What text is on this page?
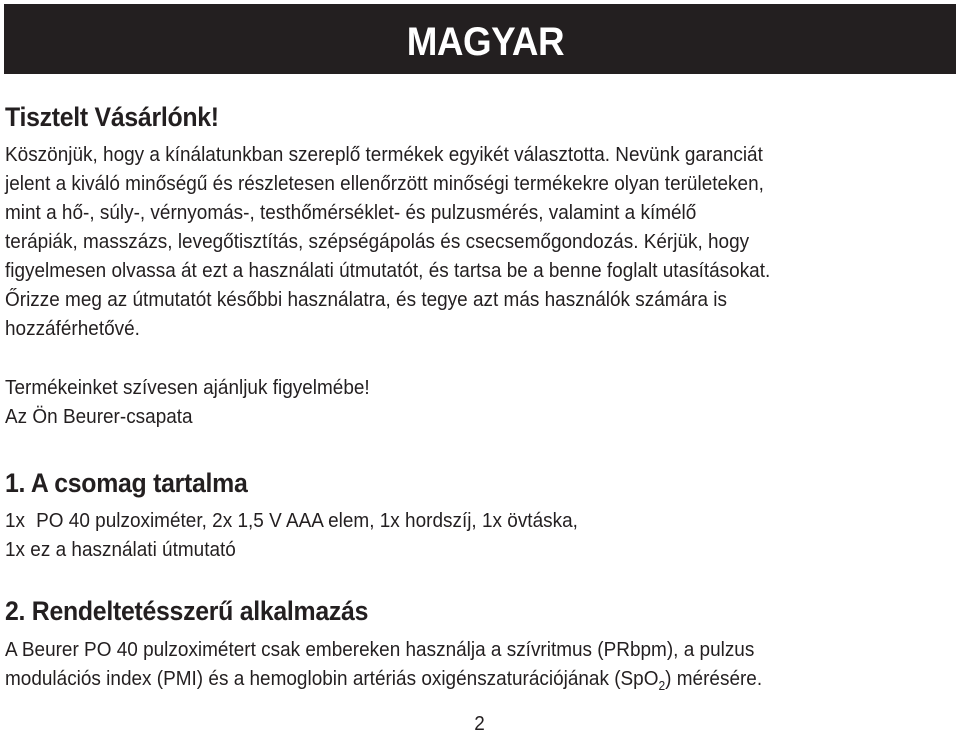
MAGYAR
Tisztelt Vásárlónk!
Köszönjük, hogy a kínálatunkban szereplő termékek egyikét választotta. Nevünk garanciát
jelent a kiváló minőségű és részletesen ellenőrzött minőségi termékekre olyan területeken,
mint a hő-, súly-, vérnyomás-, testhőmérséklet- és pulzusmérés, valamint a kímélő
terápiák, masszázs, levegőtisztítás, szépségápolás és csecsemőgondozás. Kérjük, hogy
figyelmesen olvassa át ezt a használati útmutatót, és tartsa be a benne foglalt utasításokat.
Őrizze meg az útmutatót későbbi használatra, és tegye azt más használók számára is
hozzáférhetővé.
Termékeinket szívesen ajánljuk figyelmébe!
Az Ön Beurer-csapata
1. A csomag tartalma
1x PO 40 pulzoximéter, 2x 1,5 V AAA elem, 1x hordszíj, 1x övtáska,
1x ez a használati útmutató
2. Rendeltetésszerű alkalmazás
A Beurer PO 40 pulzoximétert csak embereken használja a szívritmus (PRbpm), a pulzus
modulációs index (PMI) és a hemoglobin artériás oxigénszaturációjának (SpO$_2$) mérésére.
2
